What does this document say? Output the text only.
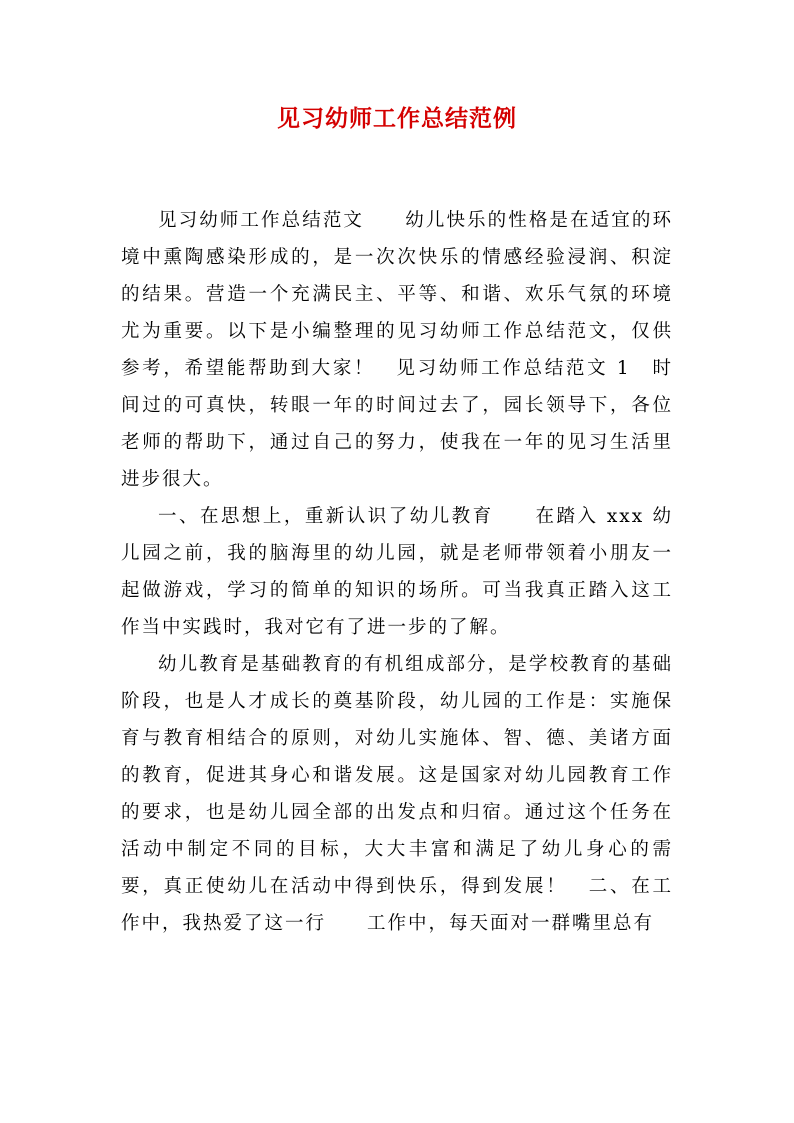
见习幼师工作总结范例

见习幼师工作总结范文　　幼儿快乐的性格是在适宜的环境中熏陶感染形成的，是一次次快乐的情感经验浸润、积淀的结果。营造一个充满民主、平等、和谐、欢乐气氛的环境尤为重要。以下是小编整理的见习幼师工作总结范文，仅供参考，希望能帮助到大家！　见习幼师工作总结范文 1　时间过的可真快，转眼一年的时间过去了，园长领导下，各位老师的帮助下，通过自己的努力，使我在一年的见习生活里进步很大。

一、在思想上，重新认识了幼儿教育　　在踏入 xxx 幼儿园之前，我的脑海里的幼儿园，就是老师带领着小朋友一起做游戏，学习的简单的知识的场所。可当我真正踏入这工作当中实践时，我对它有了进一步的了解。

幼儿教育是基础教育的有机组成部分，是学校教育的基础阶段，也是人才成长的奠基阶段，幼儿园的工作是：实施保育与教育相结合的原则，对幼儿实施体、智、德、美诸方面的教育，促进其身心和谐发展。这是国家对幼儿园教育工作的要求，也是幼儿园全部的出发点和归宿。通过这个任务在活动中制定不同的目标，大大丰富和满足了幼儿身心的需要，真正使幼儿在活动中得到快乐，得到发展！　二、在工作中，我热爱了这一行　　工作中，每天面对一群嘴里总有
